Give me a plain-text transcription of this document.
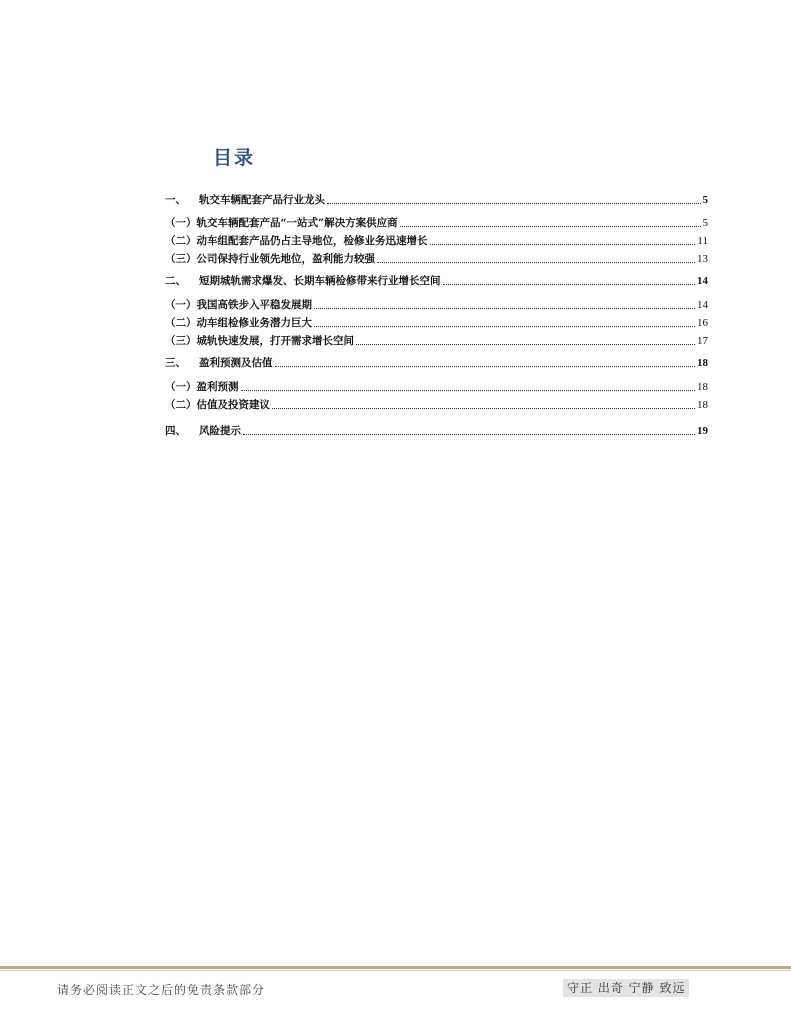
目录
一、	轨交车辆配套产品行业龙头	5
（一）轨交车辆配套产品“一站式”解决方案供应商	5
（二）动车组配套产品仍占主导地位，检修业务迅速增长	11
（三）公司保持行业领先地位，盈利能力较强	13
二、	短期城轨需求爆发、长期车辆检修带来行业增长空间	14
（一）我国高铁步入平稳发展期	14
（二）动车组检修业务潜力巨大	16
（三）城轨快速发展，打开需求增长空间	17
三、	盈利预测及估值	18
（一）盈利预测	18
（二）估值及投资建议	18
四、	风险提示	19
请务必阅读正文之后的免责条款部分	守正 出奇 宁静 致远
